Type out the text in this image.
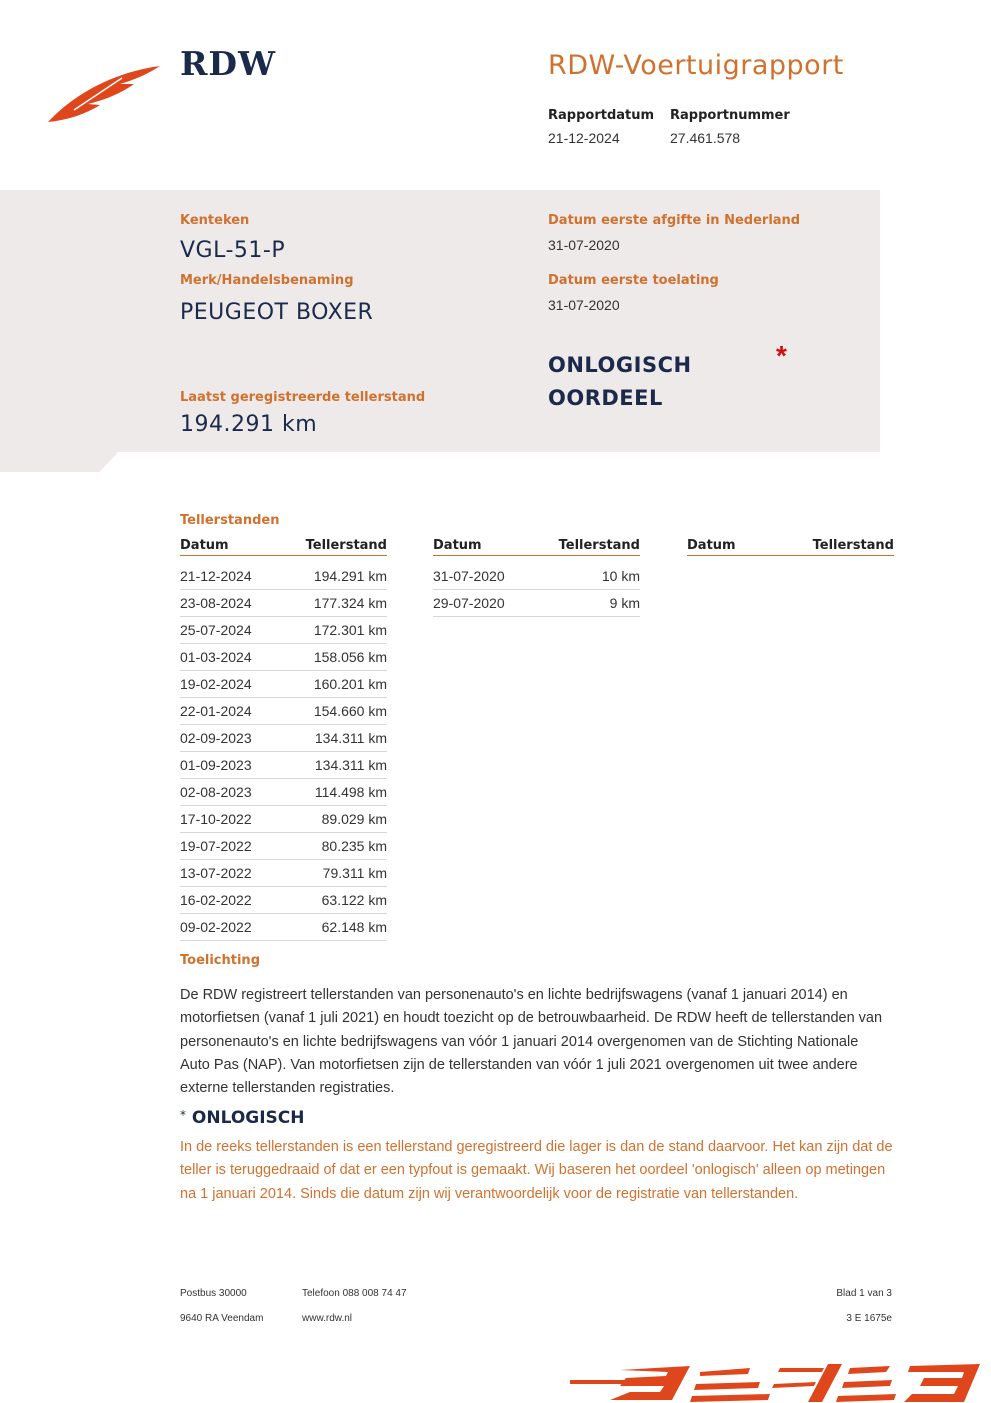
RDW	RDW-Voertuigrapport
Rapportdatum
21-12-2024
Rapportnummer
27.461.578
Kenteken
VGL-51-P
Merk/Handelsbenaming
PEUGEOT BOXER
Datum eerste afgifte in Nederland
31-07-2020
Datum eerste toelating
31-07-2020
ONLOGISCH
OORDEEL
*
Laatst geregistreerde tellerstand
194.291 km
Tellerstanden
Datum	Tellerstand
21-12-2024	194.291 km
23-08-2024	177.324 km
25-07-2024	172.301 km
01-03-2024	158.056 km
19-02-2024	160.201 km
22-01-2024	154.660 km
02-09-2023	134.311 km
01-09-2023	134.311 km
02-08-2023	114.498 km
17-10-2022	89.029 km
19-07-2022	80.235 km
13-07-2022	79.311 km
16-02-2022	63.122 km
09-02-2022	62.148 km
Datum	Tellerstand
31-07-2020	10 km
29-07-2020	9 km
Datum	Tellerstand
Toelichting
De RDW registreert tellerstanden van personenauto's en lichte bedrijfswagens (vanaf 1 januari 2014) en motorfietsen (vanaf 1 juli 2021) en houdt toezicht op de betrouwbaarheid. De RDW heeft de tellerstanden van personenauto's en lichte bedrijfswagens van vóór 1 januari 2014 overgenomen van de Stichting Nationale Auto Pas (NAP). Van motorfietsen zijn de tellerstanden van vóór 1 juli 2021 overgenomen uit twee andere externe tellerstanden registraties.
* ONLOGISCH
In de reeks tellerstanden is een tellerstand geregistreerd die lager is dan de stand daarvoor. Het kan zijn dat de teller is teruggedraaid of dat er een typfout is gemaakt. Wij baseren het oordeel 'onlogisch' alleen op metingen na 1 januari 2014. Sinds die datum zijn wij verantwoordelijk voor de registratie van tellerstanden.
Postbus 30000
9640 RA Veendam
Telefoon 088 008 74 47
www.rdw.nl
Blad 1 van 3
3 E 1675e
